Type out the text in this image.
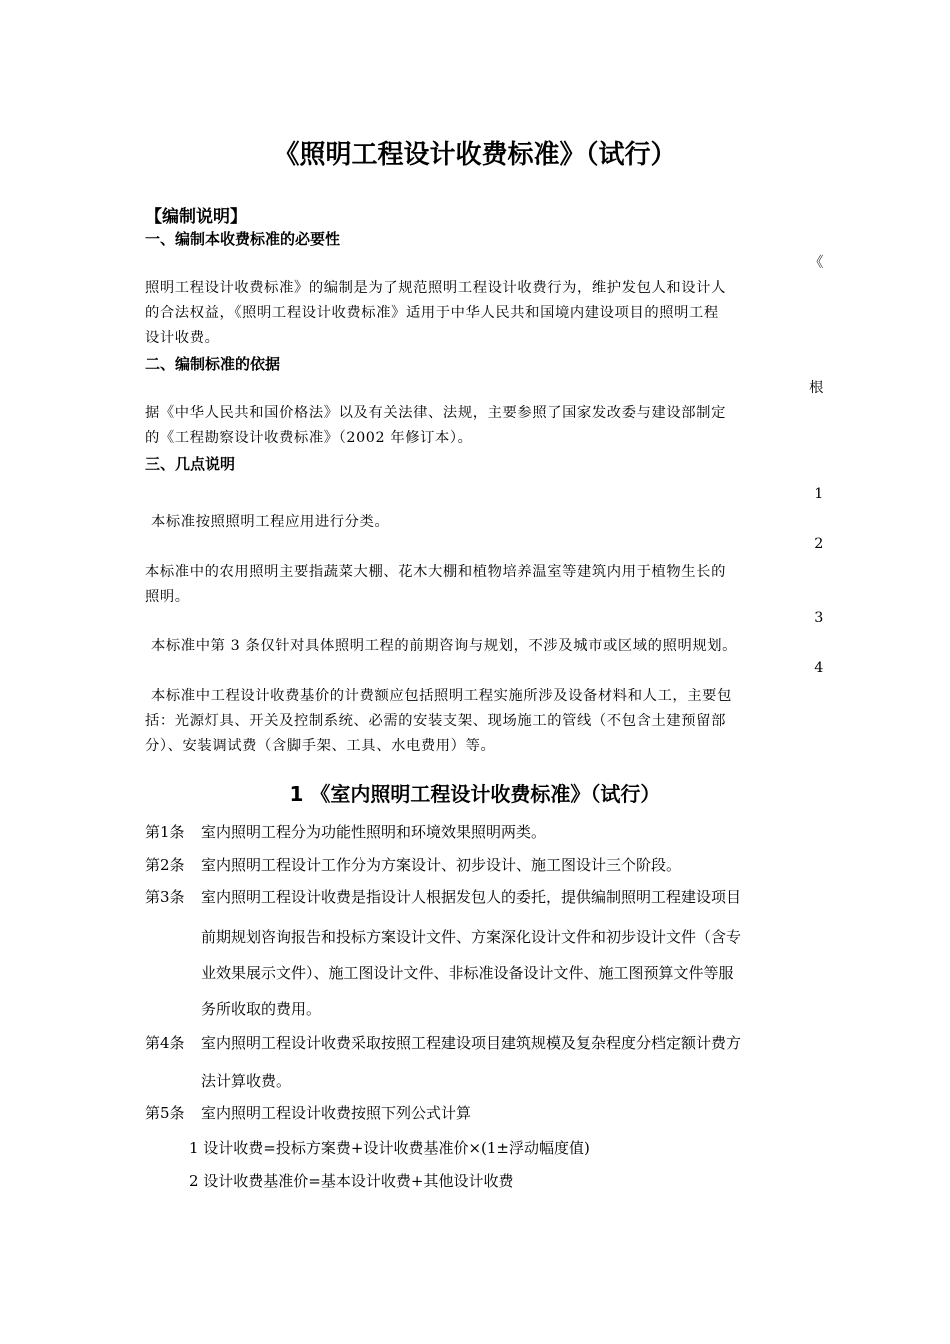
《照明工程设计收费标准》（试行）
【编制说明】
一、编制本收费标准的必要性
《
照明工程设计收费标准》的编制是为了规范照明工程设计收费行为，维护发包人和设计人
的合法权益，《照明工程设计收费标准》适用于中华人民共和国境内建设项目的照明工程
设计收费。
二、编制标准的依据
根
据《中华人民共和国价格法》以及有关法律、法规，主要参照了国家发改委与建设部制定
的《工程勘察设计收费标准》（2002 年修订本）。
三、几点说明
1
本标准按照照明工程应用进行分类。
2
本标准中的农用照明主要指蔬菜大棚、花木大棚和植物培养温室等建筑内用于植物生长的
照明。
3
本标准中第 3 条仅针对具体照明工程的前期咨询与规划，不涉及城市或区域的照明规划。
4
本标准中工程设计收费基价的计费额应包括照明工程实施所涉及设备材料和人工，主要包
括：光源灯具、开关及控制系统、必需的安装支架、现场施工的管线（不包含土建预留部
分）、安装调试费（含脚手架、工具、水电费用）等。
1 《室内照明工程设计收费标准》（试行）
第1条 室内照明工程分为功能性照明和环境效果照明两类。
第2条 室内照明工程设计工作分为方案设计、初步设计、施工图设计三个阶段。
第3条 室内照明工程设计收费是指设计人根据发包人的委托，提供编制照明工程建设项目
前期规划咨询报告和投标方案设计文件、方案深化设计文件和初步设计文件（含专
业效果展示文件）、施工图设计文件、非标准设备设计文件、施工图预算文件等服
务所收取的费用。
第4条 室内照明工程设计收费采取按照工程建设项目建筑规模及复杂程度分档定额计费方
法计算收费。
第5条 室内照明工程设计收费按照下列公式计算
1 设计收费=投标方案费+设计收费基准价×(1±浮动幅度值)
2 设计收费基准价=基本设计收费+其他设计收费
